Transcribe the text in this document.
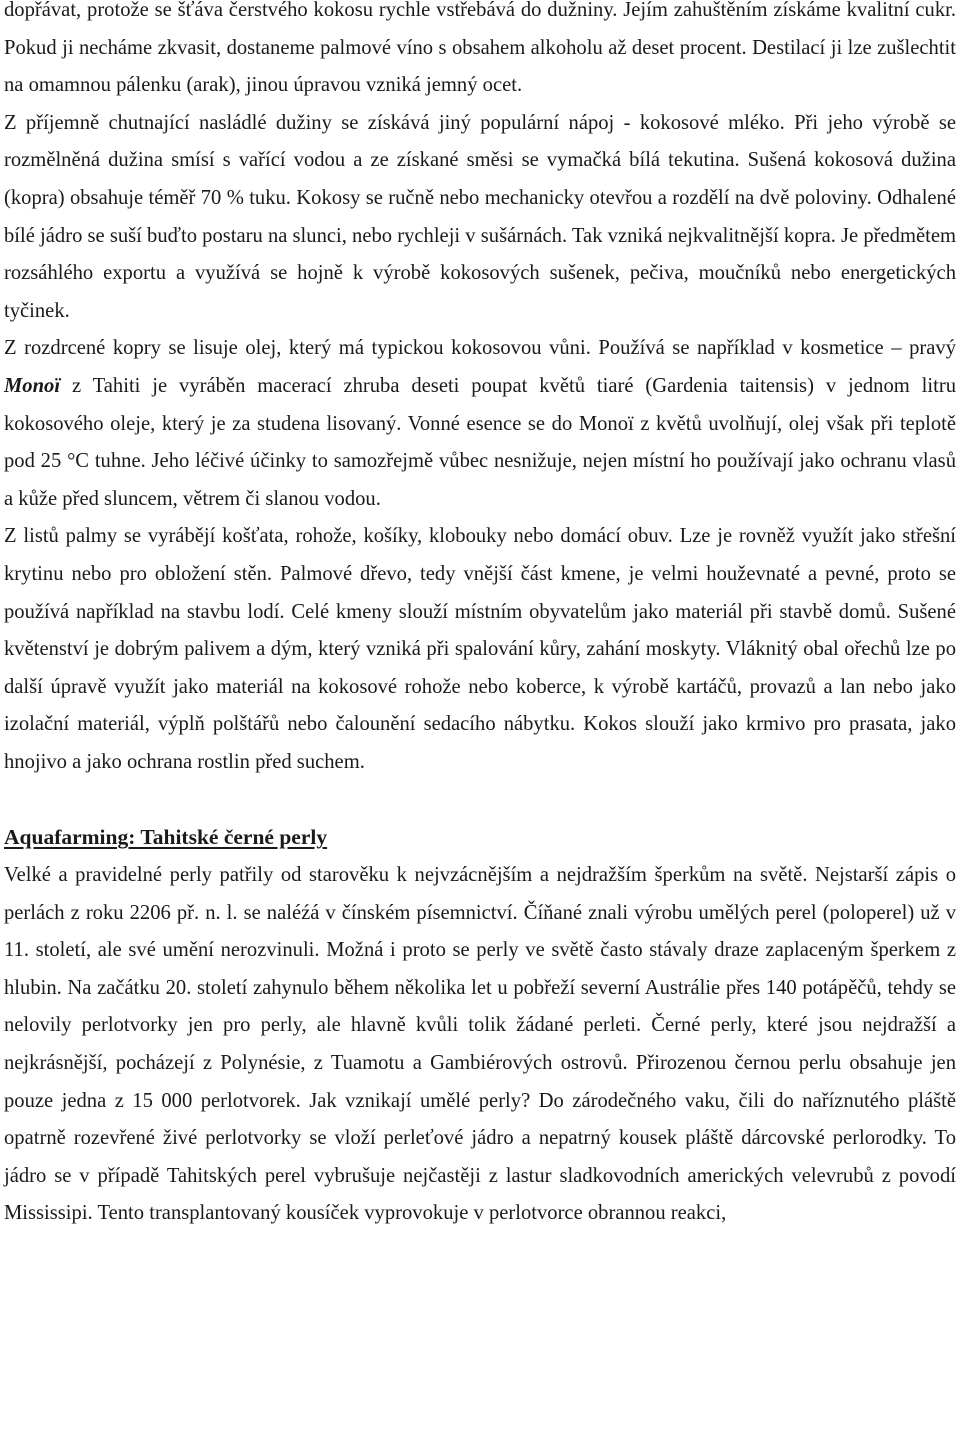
dopřávat, protože se šťáva čerstvého kokosu rychle vstřebává do dužniny. Jejím zahuštěním získáme kvalitní cukr. Pokud ji necháme zkvasit, dostaneme palmové víno s obsahem alkoholu až deset procent. Destilací ji lze zušlechtit na omamnou pálenku (arak), jinou úpravou vzniká jemný ocet.

Z příjemně chutnající nasládlé dužiny se získává jiný populární nápoj - kokosové mléko. Při jeho výrobě se rozmělněná dužina smísí s vařící vodou a ze získané směsi se vymačká bílá tekutina. Sušená kokosová dužina (kopra) obsahuje téměř 70 % tuku. Kokosy se ručně nebo mechanicky otevřou a rozdělí na dvě poloviny. Odhalené bílé jádro se suší buďto postaru na slunci, nebo rychleji v sušárnách. Tak vzniká nejkvalitnější kopra. Je předmětem rozsáhlého exportu a využívá se hojně k výrobě kokosových sušenek, pečiva, moučníků nebo energetických tyčinek.

Z rozdrcené kopry se lisuje olej, který má typickou kokosovou vůni. Používá se například v kosmetice – pravý Monoï z Tahiti je vyráběn macerací zhruba deseti poupat květů tiaré (Gardenia taitensis) v jednom litru kokosového oleje, který je za studena lisovaný. Vonné esence se do Monoï z květů uvolňují, olej však při teplotě pod 25 °C tuhne. Jeho léčivé účinky to samozřejmě vůbec nesnižuje, nejen místní ho používají jako ochranu vlasů a kůže před sluncem, větrem či slanou vodou.

Z listů palmy se vyrábějí košťata, rohože, košíky, klobouky nebo domácí obuv. Lze je rovněž využít jako střešní krytinu nebo pro obložení stěn. Palmové dřevo, tedy vnější část kmene, je velmi houževnaté a pevné, proto se používá například na stavbu lodí. Celé kmeny slouží místním obyvatelům jako materiál při stavbě domů. Sušené květenství je dobrým palivem a dým, který vzniká při spalování kůry, zahání moskyty. Vláknitý obal ořechů lze po další úpravě využít jako materiál na kokosové rohože nebo koberce, k výrobě kartáčů, provazů a lan nebo jako izolační materiál, výplň polštářů nebo čalounění sedacího nábytku. Kokos slouží jako krmivo pro prasata, jako hnojivo a jako ochrana rostlin před suchem.

Aquafarming: Tahitské černé perly

Velké a pravidelné perly patřily od starověku k nejvzácnějším a nejdražším šperkům na světě. Nejstarší zápis o perlách z roku 2206 př. n. l. se naléźá v čínském písemnictví. Číňané znali výrobu umělých perel (poloperel) už v 11. století, ale své umění nerozvinuli. Možná i proto se perly ve světě často stávaly draze zaplaceným šperkem z hlubin. Na začátku 20. století zahynulo během několika let u pobřeží severní Austrálie přes 140 potápěčů, tehdy se nelovily perlotvorky jen pro perly, ale hlavně kvůli tolik žádané perleti. Černé perly, které jsou nejdražší a nejkrásnější, pocházejí z Polynésie, z Tuamotu a Gambiérových ostrovů. Přirozenou černou perlu obsahuje jen pouze jedna z 15 000 perlotvorek. Jak vznikají umělé perly? Do zárodečného vaku, čili do naříznutého pláště opatrně rozevřené živé perlotvorky se vloží perleťové jádro a nepatrný kousek pláště dárcovské perlorodky. To jádro se v případě Tahitských perel vybrušuje nejčastěji z lastur sladkovodních amerických velevrubů z povodí Mississipi. Tento transplantovaný kousíček vyprovokuje v perlotvorce obrannou reakci,
